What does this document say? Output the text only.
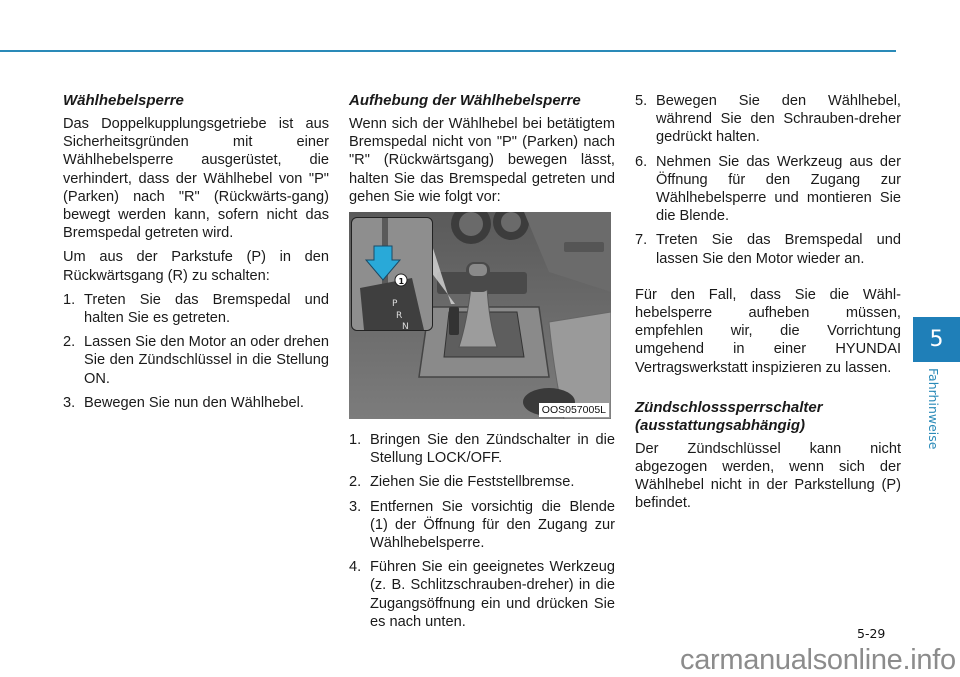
Wählhebelsperre

Das Doppelkupplungsgetriebe ist aus Sicherheitsgründen mit einer Wählhebelsperre ausgerüstet, die verhindert, dass der Wählhebel von "P" (Parken) nach "R" (Rückwärts-gang) bewegt werden kann, sofern nicht das Bremspedal getreten wird.

Um aus der Parkstufe (P) in den Rückwärtsgang (R) zu schalten:

1. Treten Sie das Bremspedal und halten Sie es getreten.
2. Lassen Sie den Motor an oder drehen Sie den Zündschlüssel in die Stellung ON.
3. Bewegen Sie nun den Wählhebel.
Aufhebung der Wählhebelsperre

Wenn sich der Wählhebel bei betätigtem Bremspedal nicht von "P" (Parken) nach "R" (Rückwärtsgang) bewegen lässt, halten Sie das Bremspedal getreten und gehen Sie wie folgt vor:

P
R
N
1
OOS057005L
1. Bringen Sie den Zündschalter in die Stellung LOCK/OFF.
2. Ziehen Sie die Feststellbremse.
3. Entfernen Sie vorsichtig die Blende (1) der Öffnung für den Zugang zur Wählhebelsperre.
4. Führen Sie ein geeignetes Werkzeug (z. B. Schlitzschrauben-dreher) in die Zugangsöffnung ein und drücken Sie es nach unten.
5. Bewegen Sie den Wählhebel, während Sie den Schrauben-dreher gedrückt halten.
6. Nehmen Sie das Werkzeug aus der Öffnung für den Zugang zur Wählhebelsperre und montieren Sie die Blende.
7. Treten Sie das Bremspedal und lassen Sie den Motor wieder an.

Für den Fall, dass Sie die Wähl-hebelsperre aufheben müssen, empfehlen wir, die Vorrichtung umgehend in einer HYUNDAI Vertragswerkstatt inspizieren zu lassen.

Zündschlosssperrschalter (ausstattungsabhängig)

Der Zündschlüssel kann nicht abgezogen werden, wenn sich der Wählhebel nicht in der Parkstellung (P) befindet.

5
Fahrhinweise
5-29
carmanualsonline.info
